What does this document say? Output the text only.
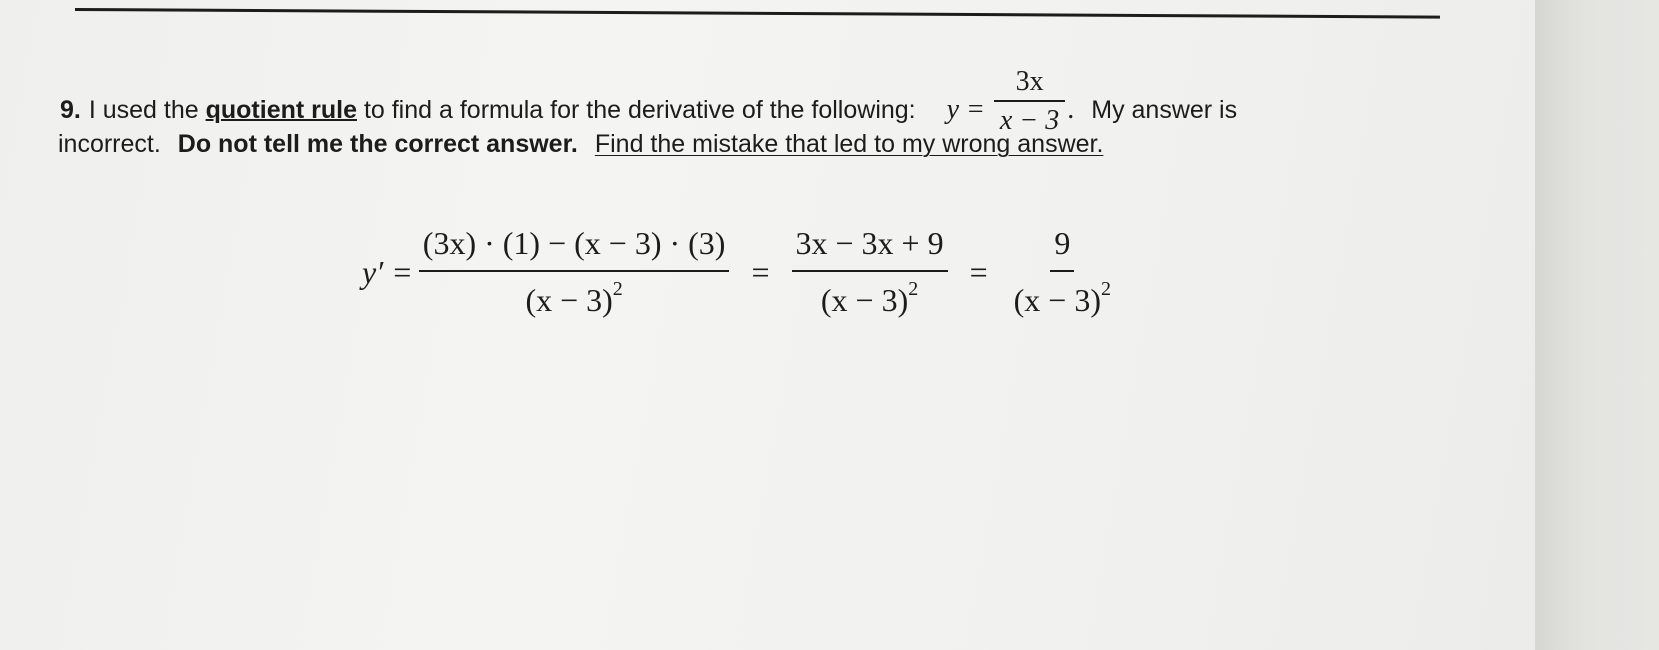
9. I used the quotient rule to find a formula for the derivative of the following: $y = \frac{3x}{x - 3}$ . My answer is
incorrect. Do not tell me the correct answer. Find the mistake that led to my wrong answer.
$y' = \frac{(3x) \cdot (1) - (x - 3) \cdot (3)}{(x - 3)^2} = \frac{3x - 3x + 9}{(x - 3)^2} = \frac{9}{(x - 3)^2}$
